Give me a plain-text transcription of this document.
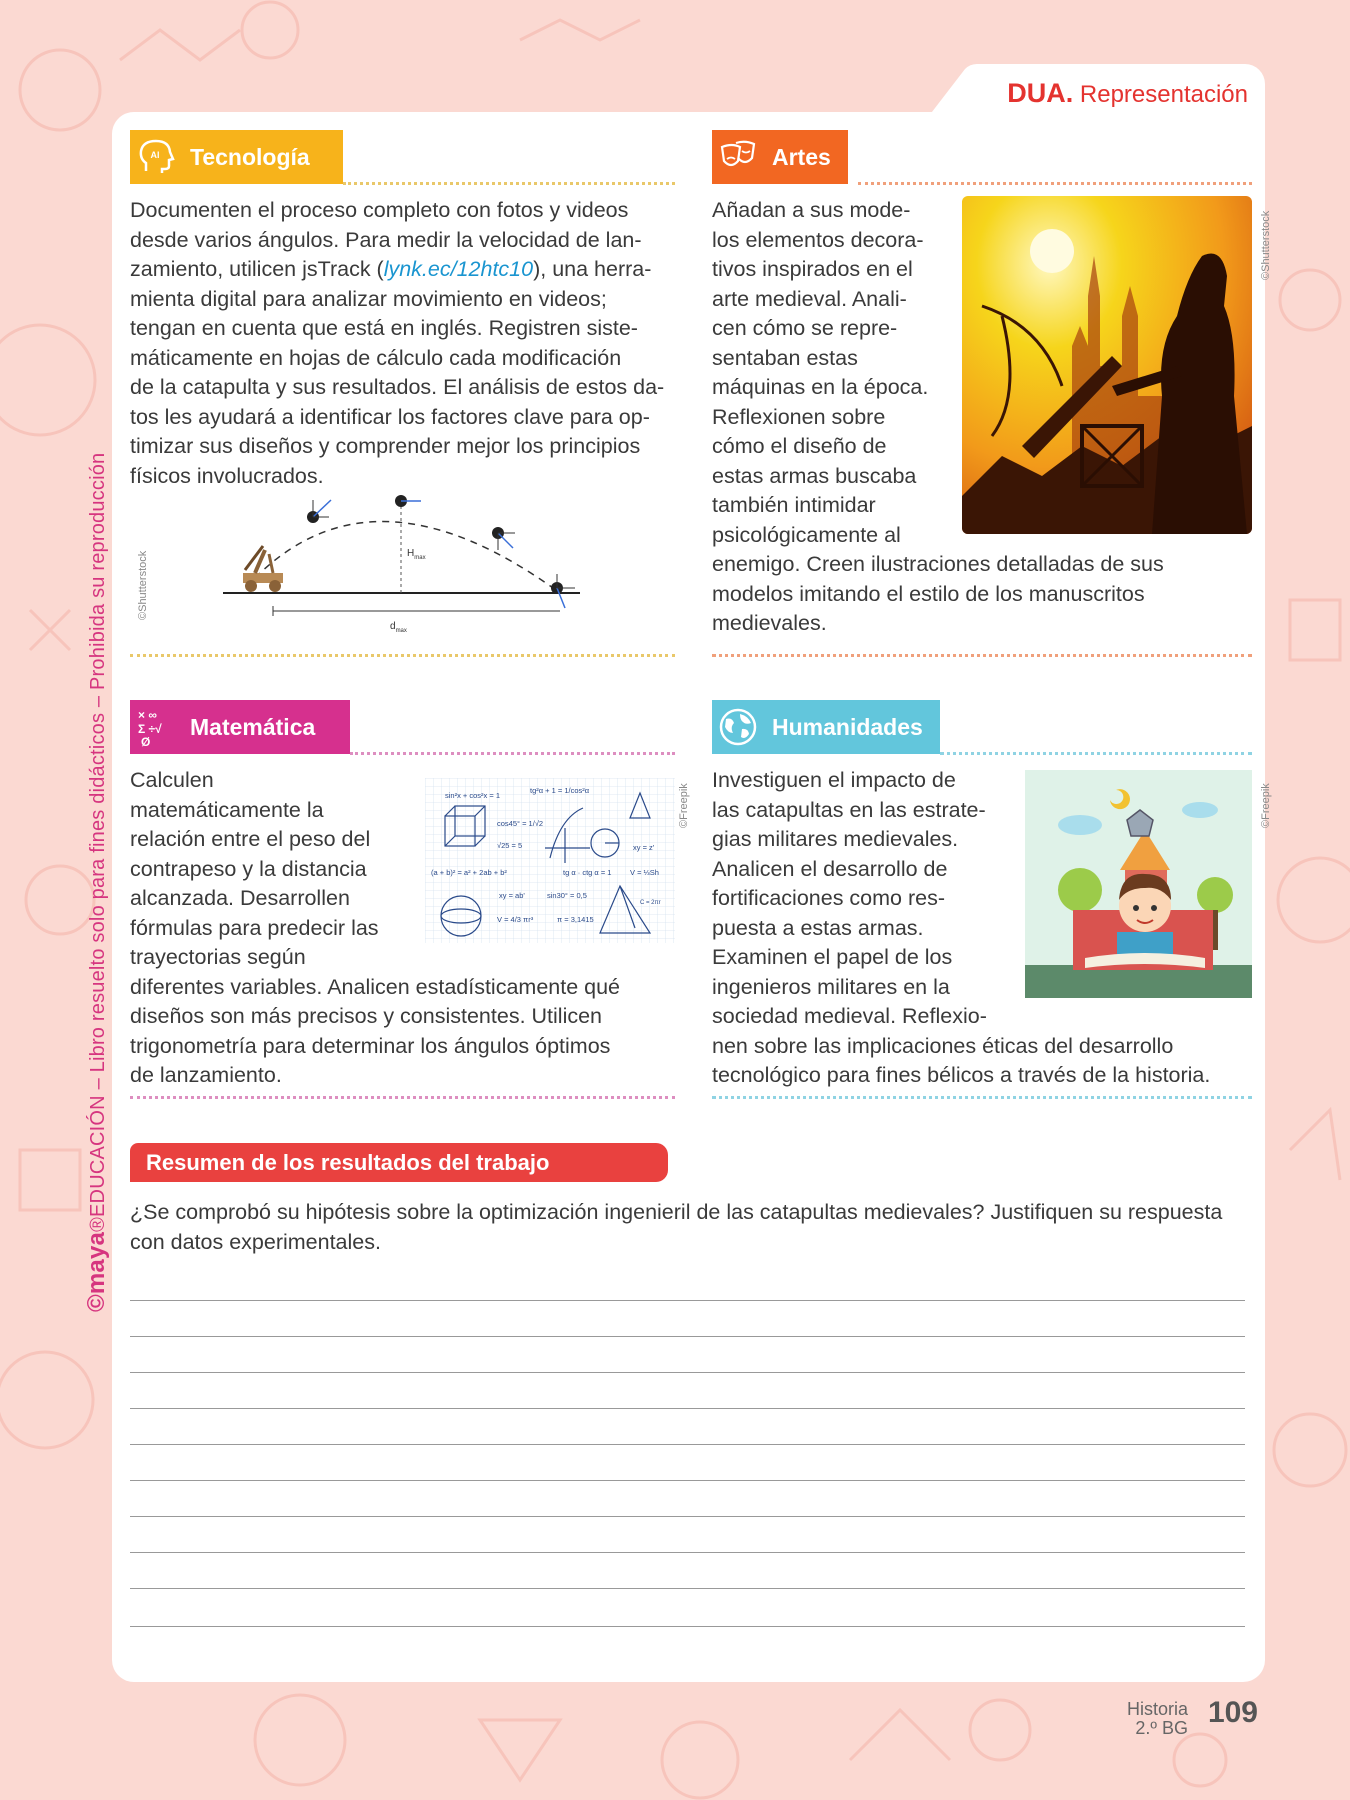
DUA. Representación
©maya®EDUCACIÓN – Libro resuelto solo para fines didácticos – Prohibida su reproducción
AI	Tecnología
Documenten el proceso completo con fotos y videos
desde varios ángulos. Para medir la velocidad de lan-
zamiento, utilicen jsTrack (lynk.ec/12htc10), una herra-
mienta digital para analizar movimiento en videos;
tengan en cuenta que está en inglés. Registren siste-
máticamente en hojas de cálculo cada modificación
de la catapulta y sus resultados. El análisis de estos da-
tos les ayudará a identificar los factores clave para op-
timizar sus diseños y comprender mejor los principios
físicos involucrados.
$H_{max}$
$d_{max}$
©Shutterstock
Artes
Añadan a sus mode-
los elementos decora-
tivos inspirados en el
arte medieval. Anali-
cen cómo se repre-
sentaban estas
máquinas en la época.
Reflexionen sobre
cómo el diseño de
estas armas buscaba
también intimidar
psicológicamente al
enemigo. Creen ilustraciones detalladas de sus
modelos imitando el estilo de los manuscritos
medievales.
©Shutterstock
× ∞
Σ ÷√
Ø
Matemática
Calculen
matemáticamente la
relación entre el peso del
contrapeso y la distancia
alcanzada. Desarrollen
fórmulas para predecir las
trayectorias según
diferentes variables. Analicen estadísticamente qué
diseños son más precisos y consistentes. Utilicen
trigonometría para determinar los ángulos óptimos
de lanzamiento.
sin²x + cos²x = 1
tg²α + 1 = 1/cos²α
cos45° = 1/√2
√25 = 5
(a + b)² = a² + 2ab + b²	tg α · ctg α = 1 V = ⅓Sh
xy = ab'	sin30° = 0,5
V = 4/3 πr³	π = 3,1415
xy = z'
C = 2πr
©Freepik
Humanidades
Investiguen el impacto de
las catapultas en las estrate-
gias militares medievales.
Analicen el desarrollo de
fortificaciones como res-
puesta a estas armas.
Examinen el papel de los
ingenieros militares en la
sociedad medieval. Reflexio-
nen sobre las implicaciones éticas del desarrollo
tecnológico para fines bélicos a través de la historia.
©Freepik
Resumen de los resultados del trabajo
¿Se comprobó su hipótesis sobre la optimización ingenieril de las catapultas medievales? Justifiquen su respuesta
con datos experimentales.
Historia
2.º BG 109
